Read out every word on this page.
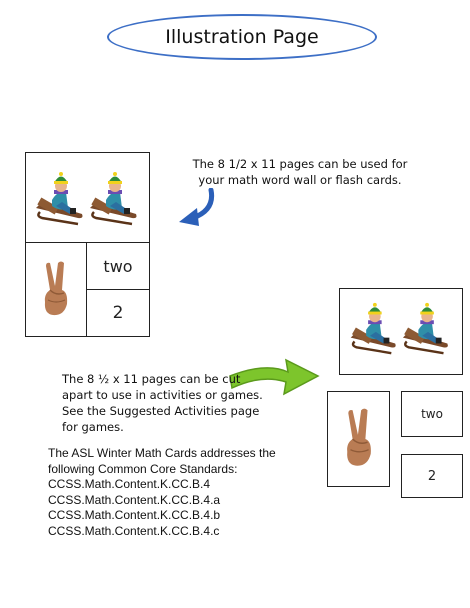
Illustration Page
two
2
The 8 1/2 x 11 pages can be used for your math word wall or flash cards.
two
2
The 8 ½ x 11 pages can be cut apart to use in activities or games. See the Suggested Activities page for games.
The ASL Winter Math Cards addresses the following Common Core Standards:
CCSS.Math.Content.K.CC.B.4
CCSS.Math.Content.K.CC.B.4.a
CCSS.Math.Content.K.CC.B.4.b
CCSS.Math.Content.K.CC.B.4.c
